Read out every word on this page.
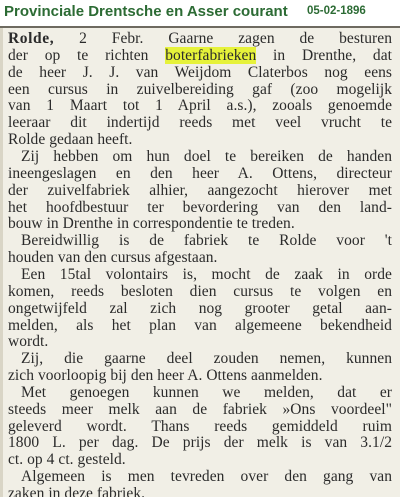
Provinciale Drentsche en Asser courant 05-02-1896
Rolde, 2 Febr. Gaarne zagen de besturen
der op te richten boterfabrieken in Drenthe, dat
de heer J. J. van Weijdom Claterbos nog eens
een cursus in zuivelbereiding gaf (zoo mogelijk
van 1 Maart tot 1 April a.s.), zooals genoemde
leeraar dit indertijd reeds met veel vrucht te
Rolde gedaan heeft.
Zij hebben om hun doel te bereiken de handen
ineengeslagen en den heer A. Ottens, directeur
der zuivelfabriek alhier, aangezocht hierover met
het hoofdbestuur ter bevordering van den land-
bouw in Drenthe in correspondentie te treden.
Bereidwillig is de fabriek te Rolde voor 't
houden van den cursus afgestaan.
Een 15tal volontairs is, mocht de zaak in orde
komen, reeds besloten dien cursus te volgen en
ongetwijfeld zal zich nog grooter getal aan-
melden, als het plan van algemeene bekendheid
wordt.
Zij, die gaarne deel zouden nemen, kunnen
zich voorloopig bij den heer A. Ottens aanmelden.
Met genoegen kunnen we melden, dat er
steeds meer melk aan de fabriek »Ons voordeel"
geleverd wordt. Thans reeds gemiddeld ruim
1800 L. per dag. De prijs der melk is van 3.1/2
ct. op 4 ct. gesteld.
Algemeen is men tevreden over den gang van
zaken in deze fabriek.
